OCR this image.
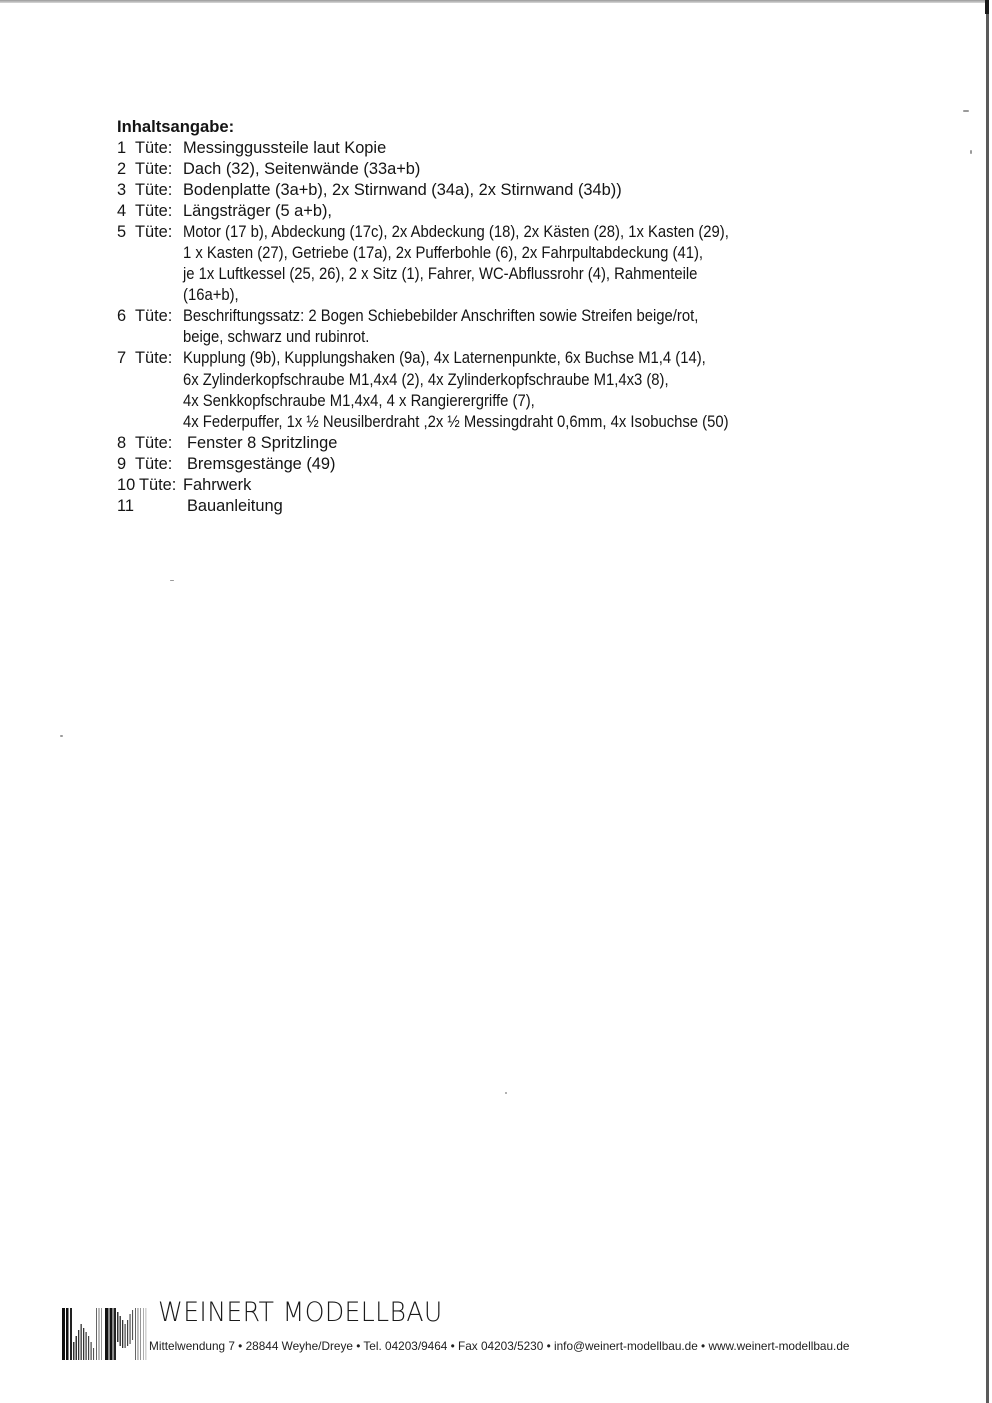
Inhaltsangabe:

1 Tüte: Messinggussteile laut Kopie
2 Tüte: Dach (32), Seitenwände (33a+b)
3 Tüte: Bodenplatte (3a+b), 2x Stirnwand (34a), 2x Stirnwand (34b))
4 Tüte: Längsträger (5 a+b),
5 Tüte: Motor (17 b), Abdeckung (17c), 2x Abdeckung (18), 2x Kästen (28), 1x Kasten (29),
1 x Kasten (27), Getriebe (17a), 2x Pufferbohle (6), 2x Fahrpultabdeckung (41),
je 1x Luftkessel (25, 26), 2 x Sitz (1), Fahrer, WC-Abflussrohr (4), Rahmenteile
(16a+b),
6 Tüte: Beschriftungssatz: 2 Bogen Schiebebilder Anschriften sowie Streifen beige/rot,
beige, schwarz und rubinrot.
7 Tüte: Kupplung (9b), Kupplungshaken (9a), 4x Laternenpunkte, 6x Buchse M1,4 (14),
6x Zylinderkopfschraube M1,4x4 (2), 4x Zylinderkopfschraube M1,4x3 (8),
4x Senkkopfschraube M1,4x4, 4 x Rangierergriffe (7),
4x Federpuffer, 1x ½ Neusilberdraht ,2x ½ Messingdraht 0,6mm, 4x Isobuchse (50)
8 Tüte: Fenster 8 Spritzlinge
9 Tüte: Bremsgestänge (49)
10 Tüte: Fahrwerk
11	Bauanleitung
WEINERT MODELLBAU
Mittelwendung 7 • 28844 Weyhe/Dreye • Tel. 04203/9464 • Fax 04203/5230 • info@weinert-modellbau.de • www.weinert-modellbau.de
